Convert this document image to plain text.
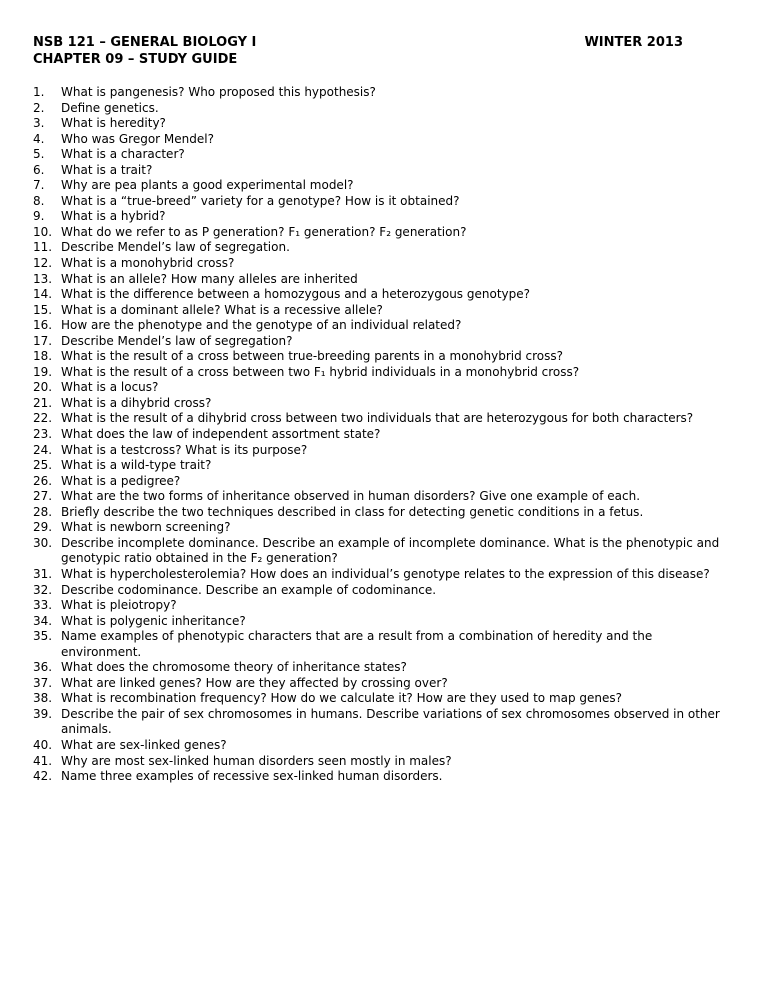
NSB 121 – GENERAL BIOLOGY I
CHAPTER 09 – STUDY GUIDE
WINTER 2013
1. What is pangenesis? Who proposed this hypothesis?
2. Define genetics.
3. What is heredity?
4. Who was Gregor Mendel?
5. What is a character?
6. What is a trait?
7. Why are pea plants a good experimental model?
8. What is a “true-breed” variety for a genotype? How is it obtained?
9. What is a hybrid?
10. What do we refer to as P generation? F₁ generation? F₂ generation?
11. Describe Mendel’s law of segregation.
12. What is a monohybrid cross?
13. What is an allele? How many alleles are inherited
14. What is the difference between a homozygous and a heterozygous genotype?
15. What is a dominant allele? What is a recessive allele?
16. How are the phenotype and the genotype of an individual related?
17. Describe Mendel’s law of segregation?
18. What is the result of a cross between true-breeding parents in a monohybrid cross?
19. What is the result of a cross between two F₁ hybrid individuals in a monohybrid cross?
20. What is a locus?
21. What is a dihybrid cross?
22. What is the result of a dihybrid cross between two individuals that are heterozygous for both characters?
23. What does the law of independent assortment state?
24. What is a testcross? What is its purpose?
25. What is a wild-type trait?
26. What is a pedigree?
27. What are the two forms of inheritance observed in human disorders? Give one example of each.
28. Briefly describe the two techniques described in class for detecting genetic conditions in a fetus.
29. What is newborn screening?
30. Describe incomplete dominance. Describe an example of incomplete dominance. What is the phenotypic and genotypic ratio obtained in the F₂ generation?
31. What is hypercholesterolemia? How does an individual’s genotype relates to the expression of this disease?
32. Describe codominance. Describe an example of codominance.
33. What is pleiotropy?
34. What is polygenic inheritance?
35. Name examples of phenotypic characters that are a result from a combination of heredity and the environment.
36. What does the chromosome theory of inheritance states?
37. What are linked genes? How are they affected by crossing over?
38. What is recombination frequency? How do we calculate it? How are they used to map genes?
39. Describe the pair of sex chromosomes in humans. Describe variations of sex chromosomes observed in other animals.
40. What are sex-linked genes?
41. Why are most sex-linked human disorders seen mostly in males?
42. Name three examples of recessive sex-linked human disorders.
